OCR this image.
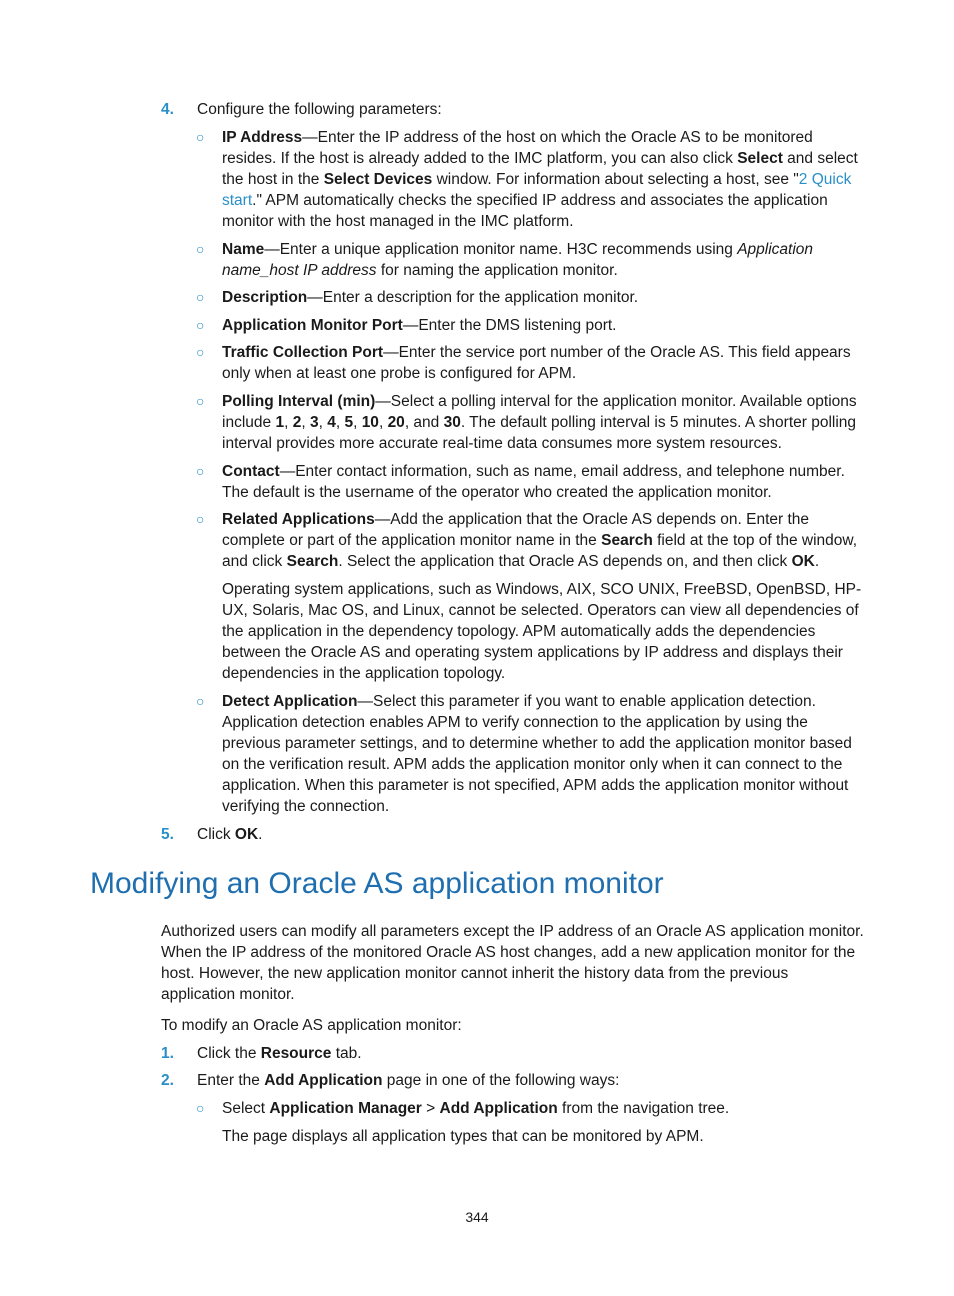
4. Configure the following parameters:
○ IP Address—Enter the IP address of the host on which the Oracle AS to be monitored resides. If the host is already added to the IMC platform, you can also click Select and select the host in the Select Devices window. For information about selecting a host, see "2 Quick start." APM automatically checks the specified IP address and associates the application monitor with the host managed in the IMC platform.
○ Name—Enter a unique application monitor name. H3C recommends using Application name_host IP address for naming the application monitor.
○ Description—Enter a description for the application monitor.
○ Application Monitor Port—Enter the DMS listening port.
○ Traffic Collection Port—Enter the service port number of the Oracle AS. This field appears only when at least one probe is configured for APM.
○ Polling Interval (min)—Select a polling interval for the application monitor. Available options include 1, 2, 3, 4, 5, 10, 20, and 30. The default polling interval is 5 minutes. A shorter polling interval provides more accurate real-time data consumes more system resources.
○ Contact—Enter contact information, such as name, email address, and telephone number. The default is the username of the operator who created the application monitor.
○ Related Applications—Add the application that the Oracle AS depends on. Enter the complete or part of the application monitor name in the Search field at the top of the window, and click Search. Select the application that Oracle AS depends on, and then click OK.
Operating system applications, such as Windows, AIX, SCO UNIX, FreeBSD, OpenBSD, HP-UX, Solaris, Mac OS, and Linux, cannot be selected. Operators can view all dependencies of the application in the dependency topology. APM automatically adds the dependencies between the Oracle AS and operating system applications by IP address and displays their dependencies in the application topology.
○ Detect Application—Select this parameter if you want to enable application detection. Application detection enables APM to verify connection to the application by using the previous parameter settings, and to determine whether to add the application monitor based on the verification result. APM adds the application monitor only when it can connect to the application. When this parameter is not specified, APM adds the application monitor without verifying the connection.
5. Click OK.
Modifying an Oracle AS application monitor
Authorized users can modify all parameters except the IP address of an Oracle AS application monitor. When the IP address of the monitored Oracle AS host changes, add a new application monitor for the host. However, the new application monitor cannot inherit the history data from the previous application monitor.
To modify an Oracle AS application monitor:
1. Click the Resource tab.
2. Enter the Add Application page in one of the following ways:
○ Select Application Manager > Add Application from the navigation tree.
The page displays all application types that can be monitored by APM.
344
